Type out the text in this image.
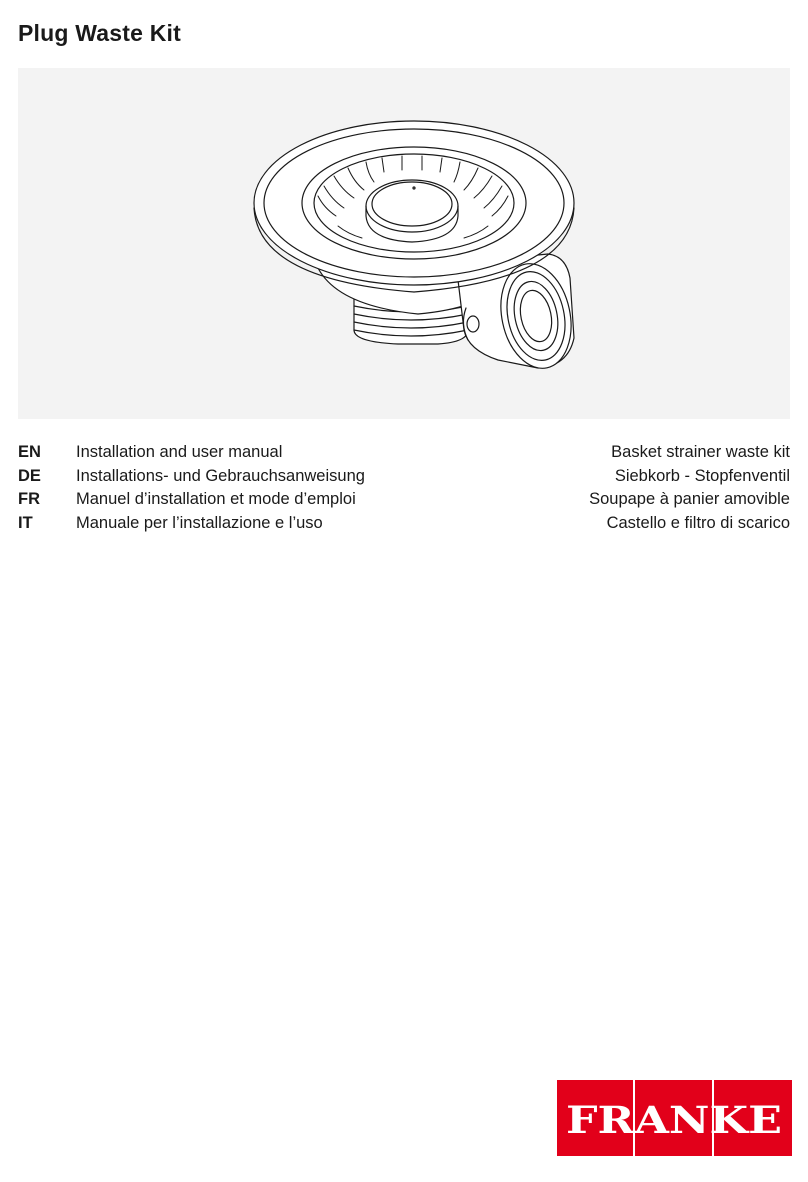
Plug Waste Kit
EN Installation and user manual	Basket strainer waste kit
DE Installations- und Gebrauchsanweisung	Siebkorb - Stopfenventil
FR Manuel d’installation et mode d’emploi	Soupape à panier amovible
IT	Manuale per l’installazione e l’uso	Castello e filtro di scarico
FRANKE
